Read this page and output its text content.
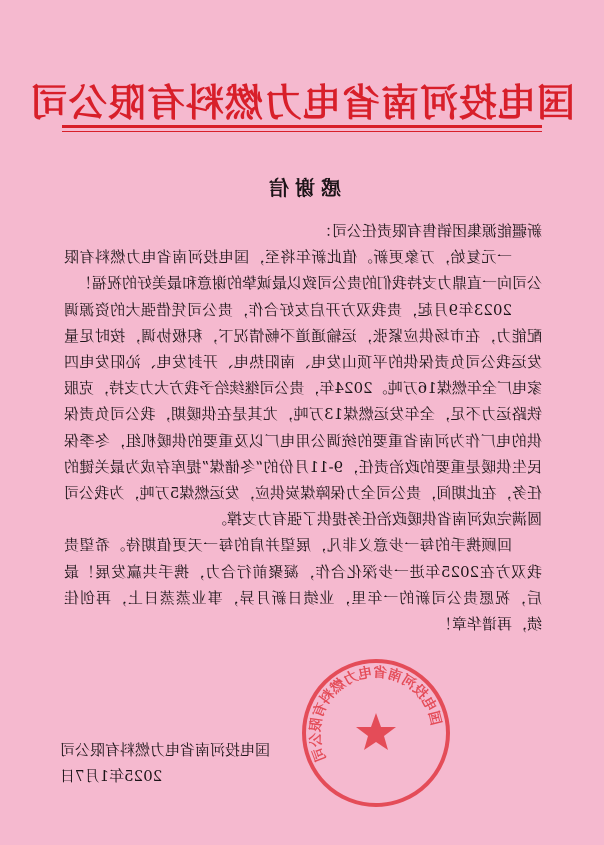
国电投河南省电力燃料有限公司
感谢信

新疆能源集团销售有限责任公司：

一元复始，万象更新。值此新年将至，国电投河南省电力燃料有限公司向一直鼎力支持我们的贵公司致以最诚挚的谢意和最美好的祝福！

2023年9月起，贵我双方开启友好合作，贵公司凭借强大的资源调配能力，在市场供应紧张，运输通道不畅情况下，积极协调，按时足量发运我公司负责保供的平顶山发电、南阳热电、开封发电、沁阳发电四家电厂全年燃煤16万吨。2024年，贵公司继续给予我方大力支持，克服铁路运力不足，全年发运燃煤13万吨，尤其是在供暖期，我公司负责保供的电厂作为河南省重要的统调公用电厂以及重要的供暖机组，冬季保民生供暖是重要的政治责任，9-11月份的“冬储煤”提库存成为最关键的任务，在此期间，贵公司全力保障煤炭供应，发运燃煤5万吨，为我公司圆满完成河南省供暖政治任务提供了强有力支撑。

回顾携手的每一步意义非凡，展望并肩的每一天更值期待。希望贵我双方在2025年进一步深化合作，凝聚前行合力，携手共赢发展！最后，祝愿贵公司新的一年里，业绩日新月异，事业蒸蒸日上，再创佳绩，再谱华章！

国电投河南省电力燃料有限公司
国电投河南省电力燃料有限公司
2025年1月7日
